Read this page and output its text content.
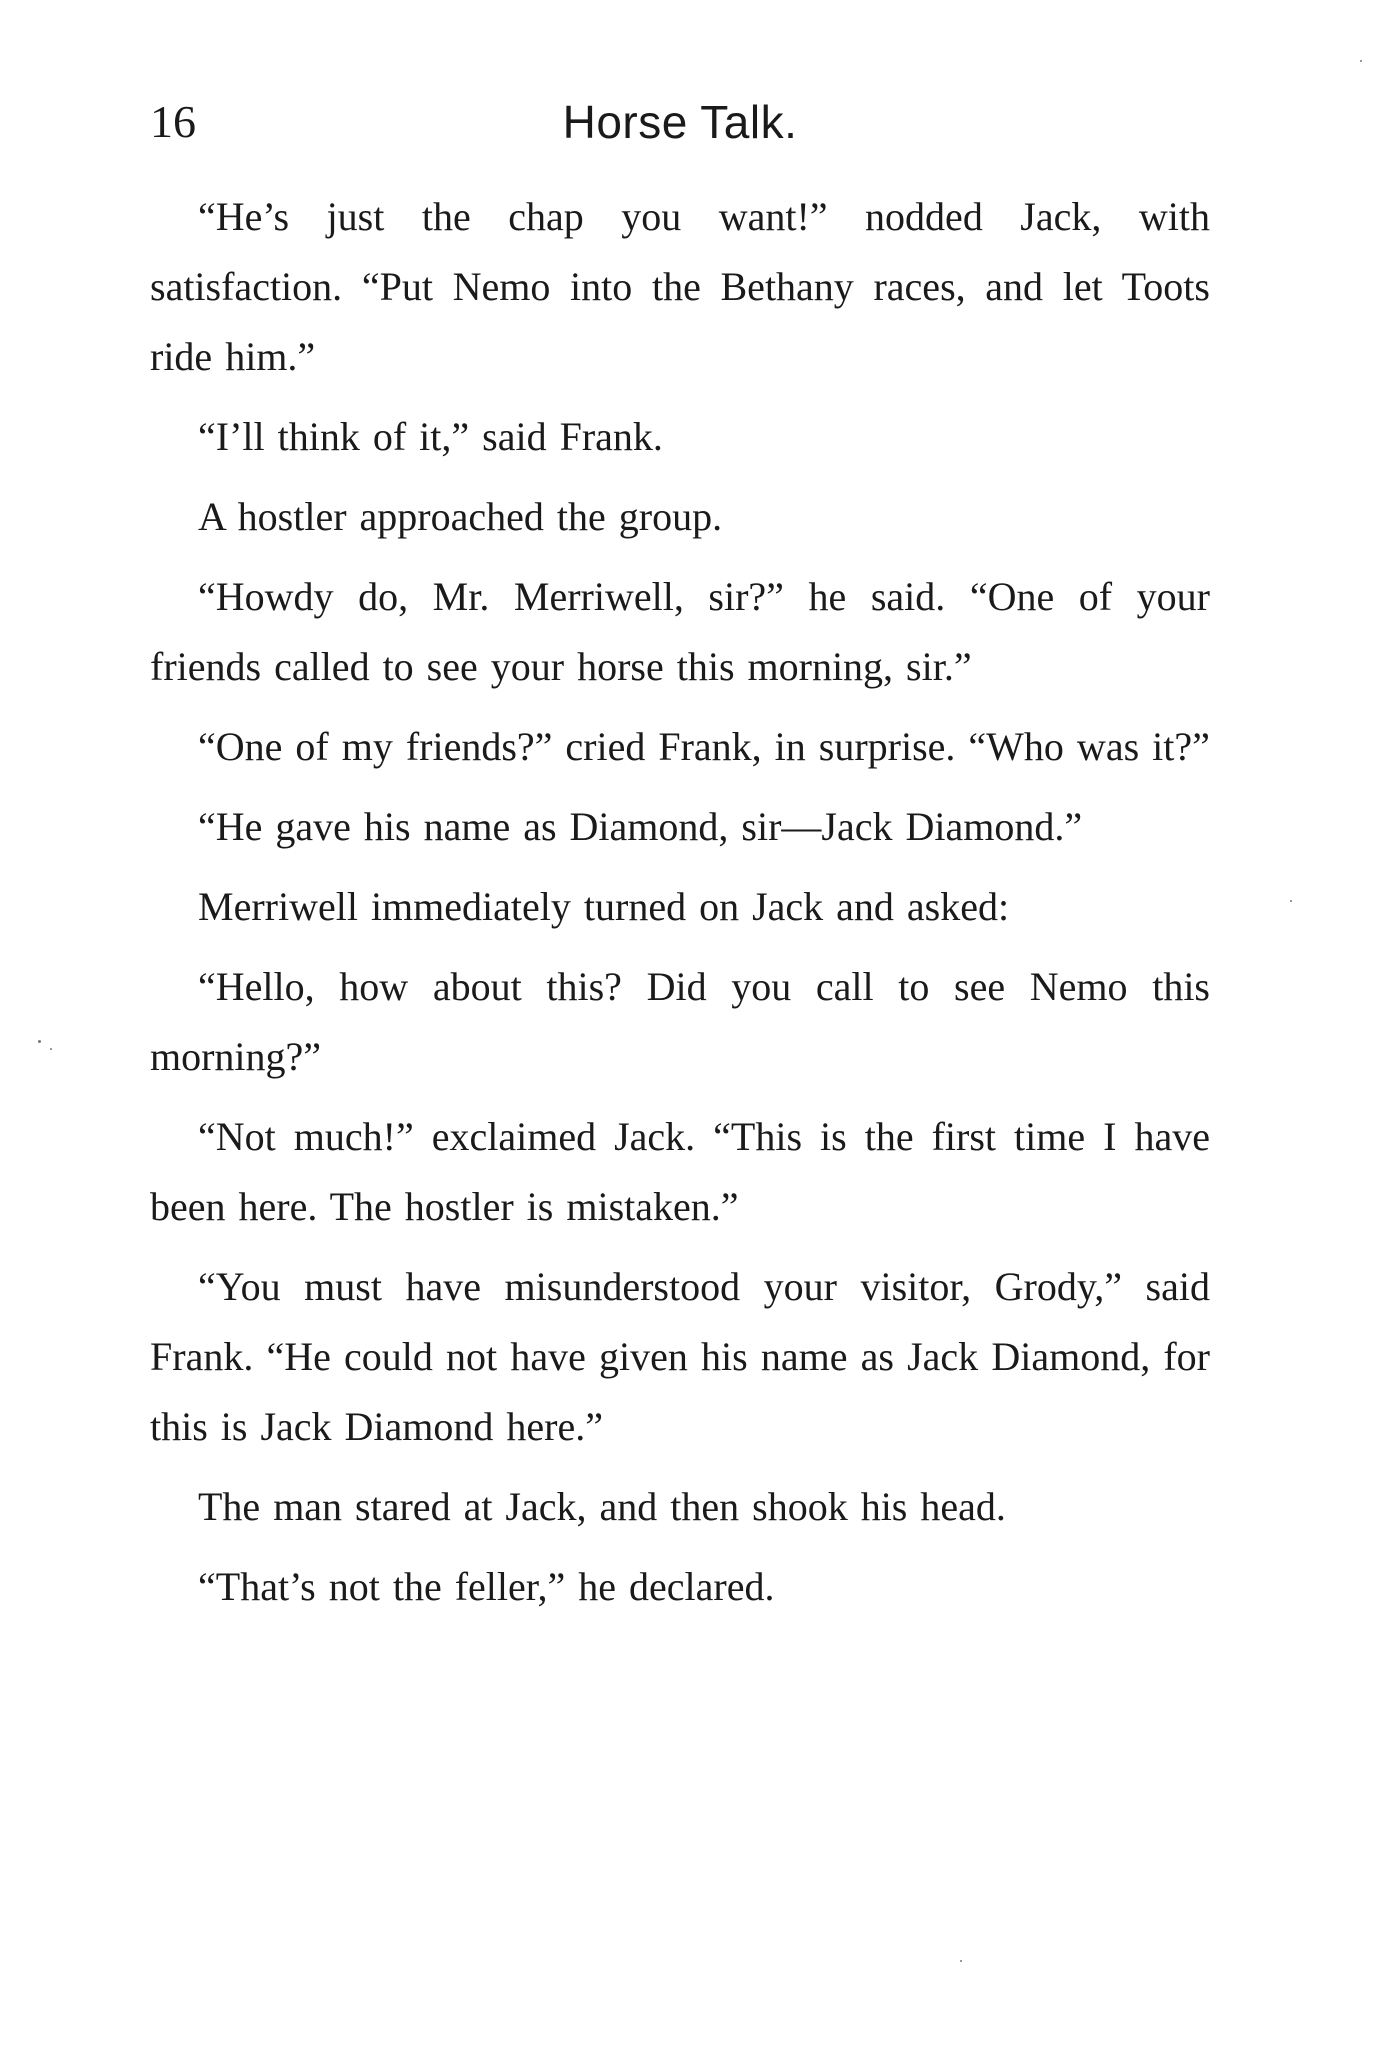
16	Horse Talk.

“He’s just the chap you want!” nodded Jack, with satisfaction. “Put Nemo into the Bethany races, and let Toots ride him.”

“I’ll think of it,” said Frank.

A hostler approached the group.

“Howdy do, Mr. Merriwell, sir?” he said. “One of your friends called to see your horse this morning, sir.”

“One of my friends?” cried Frank, in surprise. “Who was it?”

“He gave his name as Diamond, sir—Jack Diamond.”

Merriwell immediately turned on Jack and asked:

“Hello, how about this? Did you call to see Nemo this morning?”

“Not much!” exclaimed Jack. “This is the first time I have been here. The hostler is mistaken.”

“You must have misunderstood your visitor, Grody,” said Frank. “He could not have given his name as Jack Diamond, for this is Jack Diamond here.”

The man stared at Jack, and then shook his head.

“That’s not the feller,” he declared.
